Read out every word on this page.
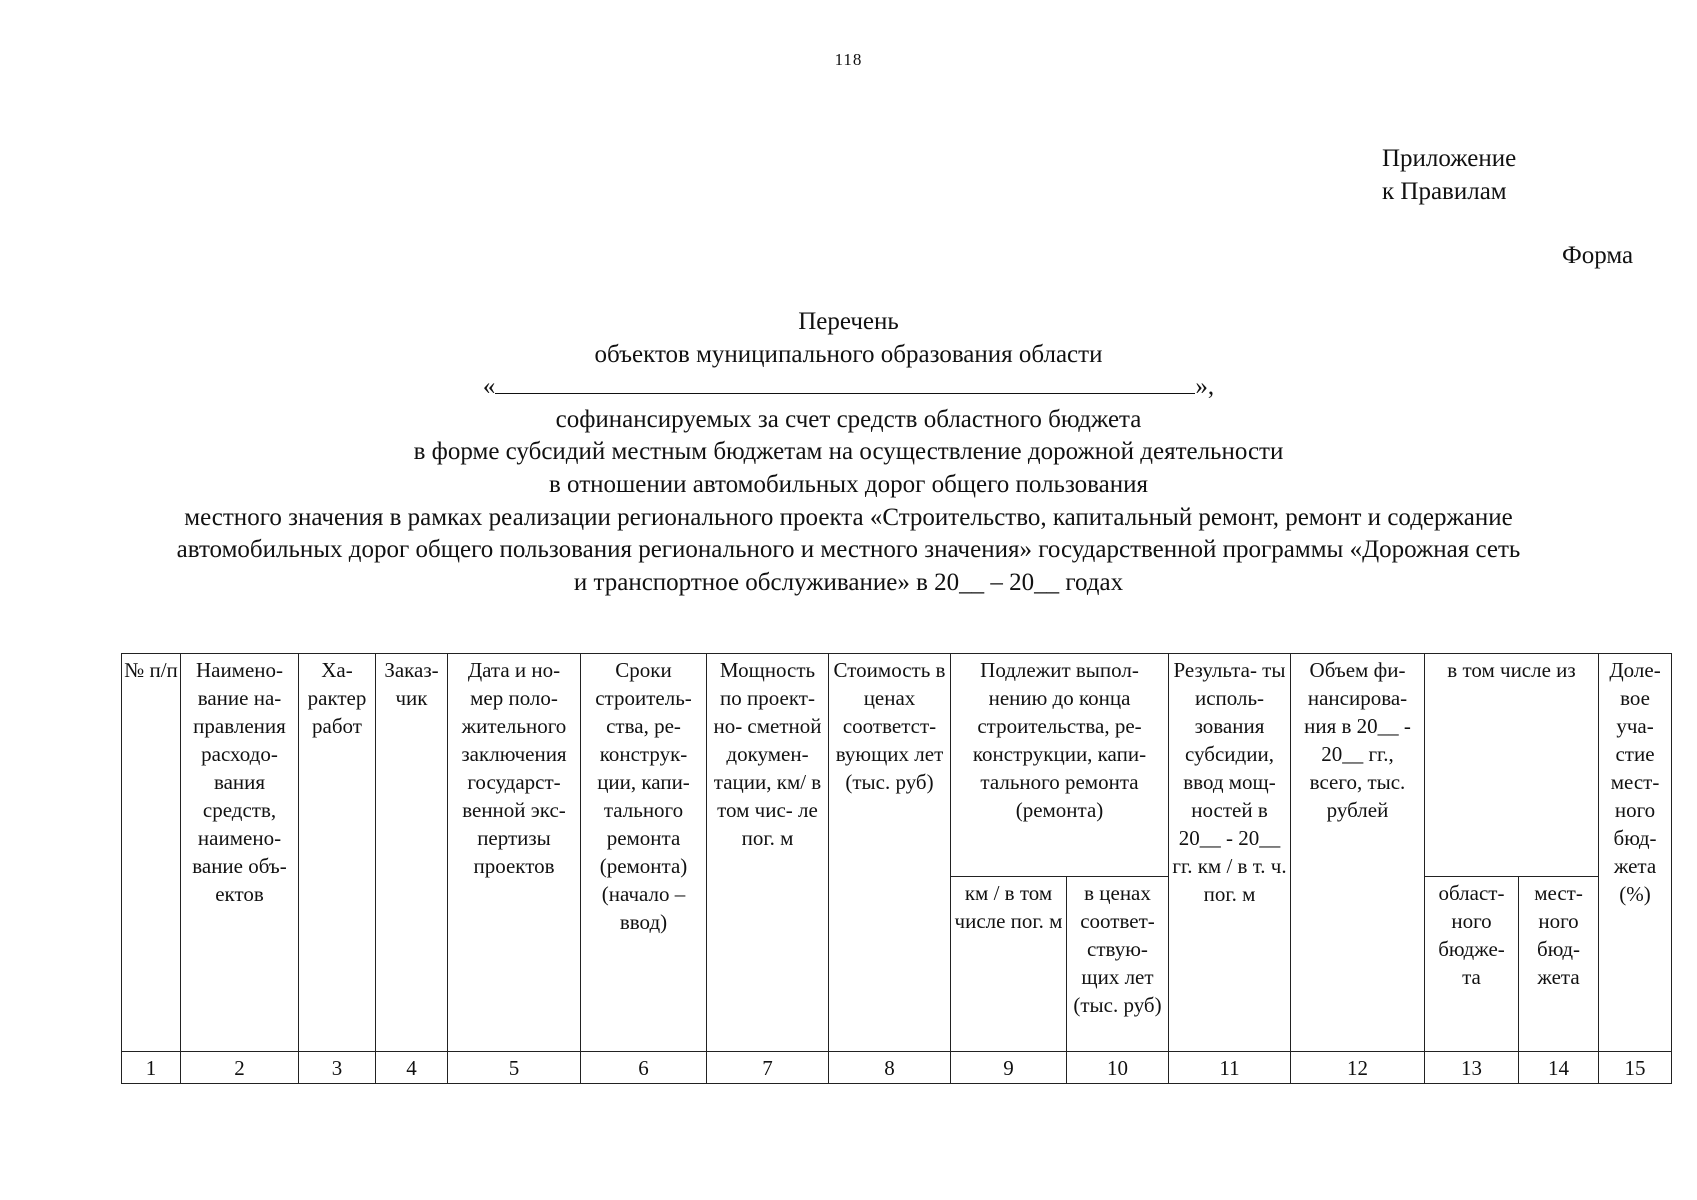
118
Приложение
к Правилам
Форма
Перечень
объектов муниципального образования области
«	»,
софинансируемых за счет средств областного бюджета
в форме субсидий местным бюджетам на осуществление дорожной деятельности
в отношении автомобильных дорог общего пользования
местного значения в рамках реализации регионального проекта «Строительство, капитальный ремонт, ремонт и содержание
автомобильных дорог общего пользования регионального и местного значения» государственной программы «Дорожная сеть
и транспортное обслуживание» в 20__ – 20__ годах
№ п/п	Наимено- вание на- правления расходо- вания средств, наимено- вание объ- ектов	Ха- рактер работ	Заказ- чик	Дата и но- мер поло- жительного заключения государст- венной экс- пертизы проектов	Сроки строитель- ства, ре- конструк- ции, капи- тального ремонта (ремонта) (начало – ввод)	Мощность по проект- но- сметной докумен- тации, км/ в том чис- ле пог. м	Стоимость в ценах соответст- вующих лет (тыс. руб)	Подлежит выпол- нению до конца строительства, ре- конструкции, капи- тального ремонта (ремонта)		Результа- ты исполь- зования субсидии, ввод мощ- ностей в 20__ - 20__ гг. км / в т. ч. пог. м	Объем фи- нансирова- ния в 20__ - 20__ гг., всего, тыс. рублей	в том числе из		Доле- вое уча- стие мест- ного бюд- жета (%)
								км / в том числе пог. м	в ценах соответ- ствую- щих лет (тыс. руб)			област- ного бюдже- та	мест- ного бюд- жета	
1	2	3	4	5	6	7	8	9	10	11	12	13	14	15
